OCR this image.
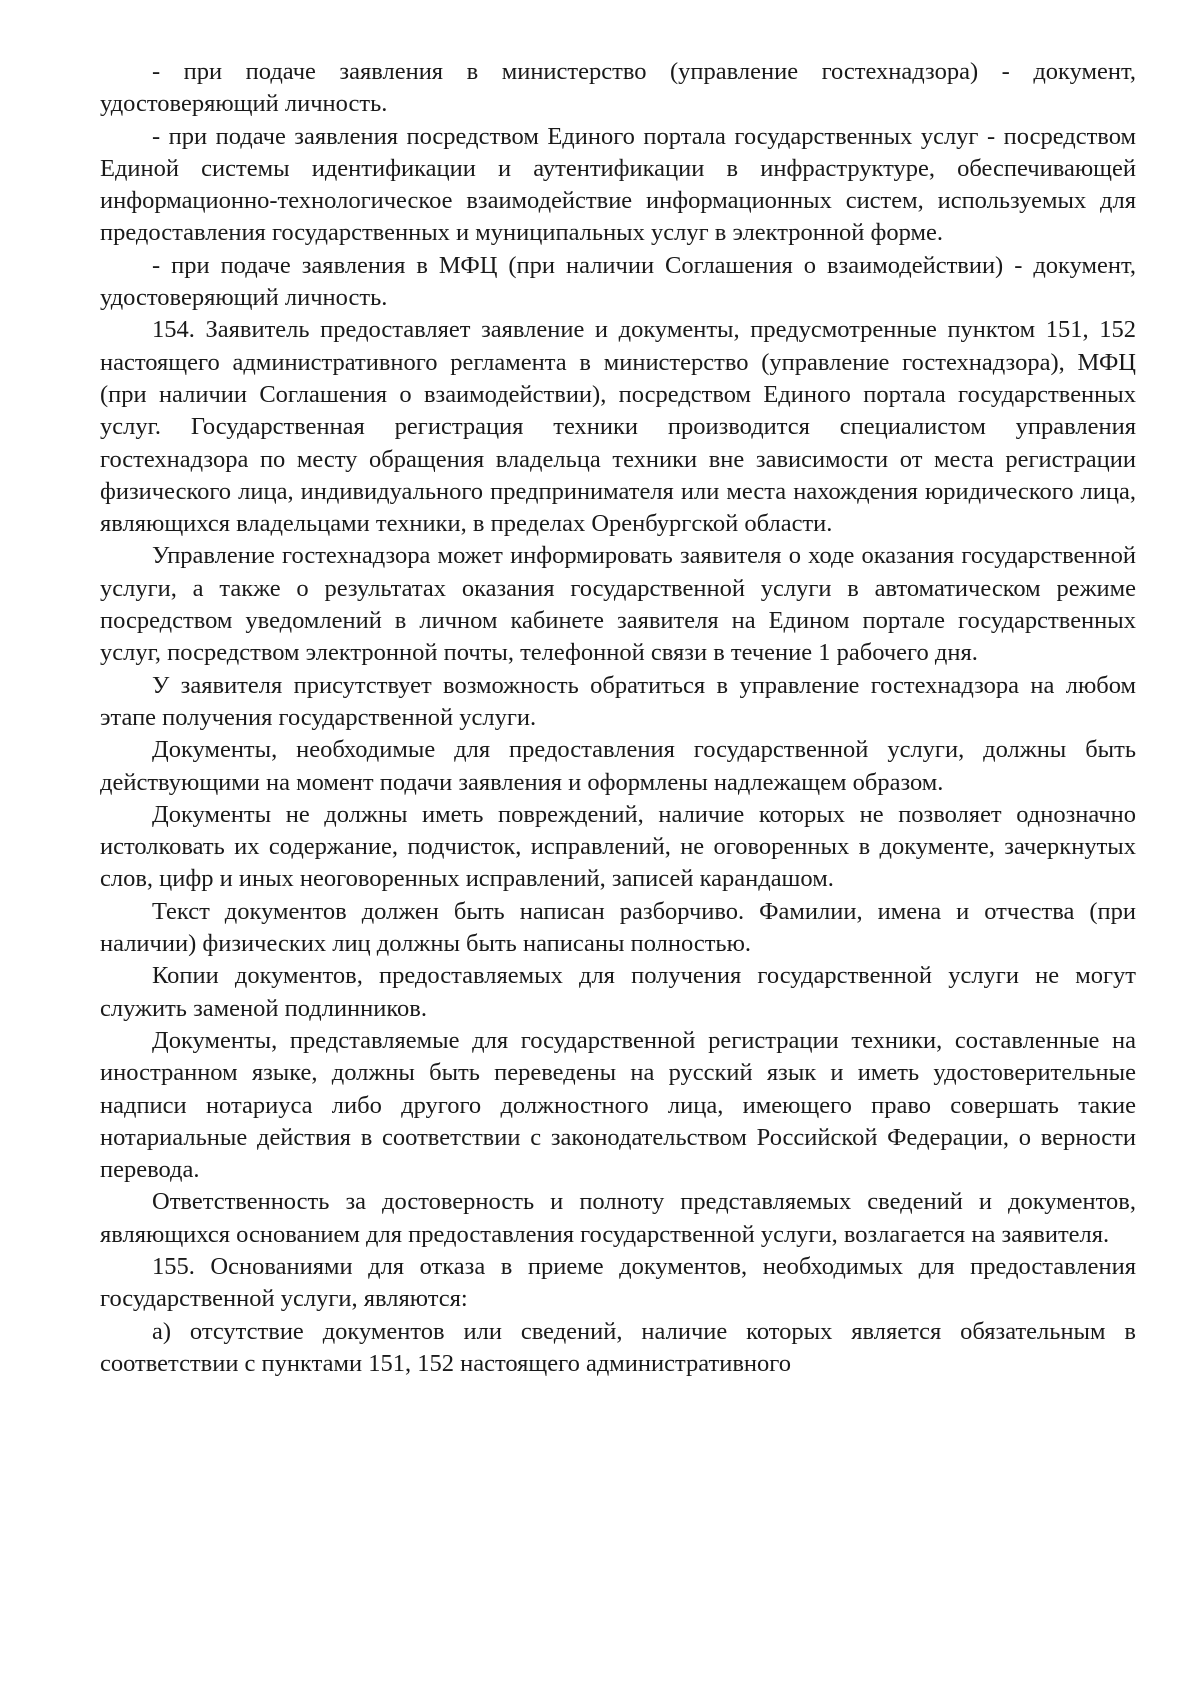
- при подаче заявления в министерство (управление гостехнадзора) - документ, удостоверяющий личность.

- при подаче заявления посредством Единого портала государственных услуг - посредством Единой системы идентификации и аутентификации в инфраструктуре, обеспечивающей информационно-технологическое взаимодействие информационных систем, используемых для предоставления государственных и муниципальных услуг в электронной форме.

- при подаче заявления в МФЦ (при наличии Соглашения о взаимодействии) - документ, удостоверяющий личность.

154. Заявитель предоставляет заявление и документы, предусмотренные пунктом 151, 152 настоящего административного регламента в министерство (управление гостехнадзора), МФЦ (при наличии Соглашения о взаимодействии), посредством Единого портала государственных услуг. Государственная регистрация техники производится специалистом управления гостехнадзора по месту обращения владельца техники вне зависимости от места регистрации физического лица, индивидуального предпринимателя или места нахождения юридического лица, являющихся владельцами техники, в пределах Оренбургской области.

Управление гостехнадзора может информировать заявителя о ходе оказания государственной услуги, а также о результатах оказания государственной услуги в автоматическом режиме посредством уведомлений в личном кабинете заявителя на Едином портале государственных услуг, посредством электронной почты, телефонной связи в течение 1 рабочего дня.

У заявителя присутствует возможность обратиться в управление гостехнадзора на любом этапе получения государственной услуги.

Документы, необходимые для предоставления государственной услуги, должны быть действующими на момент подачи заявления и оформлены надлежащем образом.

Документы не должны иметь повреждений, наличие которых не позволяет однозначно истолковать их содержание, подчисток, исправлений, не оговоренных в документе, зачеркнутых слов, цифр и иных неоговоренных исправлений, записей карандашом.

Текст документов должен быть написан разборчиво. Фамилии, имена и отчества (при наличии) физических лиц должны быть написаны полностью.

Копии документов, предоставляемых для получения государственной услуги не могут служить заменой подлинников.

Документы, представляемые для государственной регистрации техники, составленные на иностранном языке, должны быть переведены на русский язык и иметь удостоверительные надписи нотариуса либо другого должностного лица, имеющего право совершать такие нотариальные действия в соответствии с законодательством Российской Федерации, о верности перевода.

Ответственность за достоверность и полноту представляемых сведений и документов, являющихся основанием для предоставления государственной услуги, возлагается на заявителя.

155. Основаниями для отказа в приеме документов, необходимых для предоставления государственной услуги, являются:

а) отсутствие документов или сведений, наличие которых является обязательным в соответствии с пунктами 151, 152 настоящего административного
